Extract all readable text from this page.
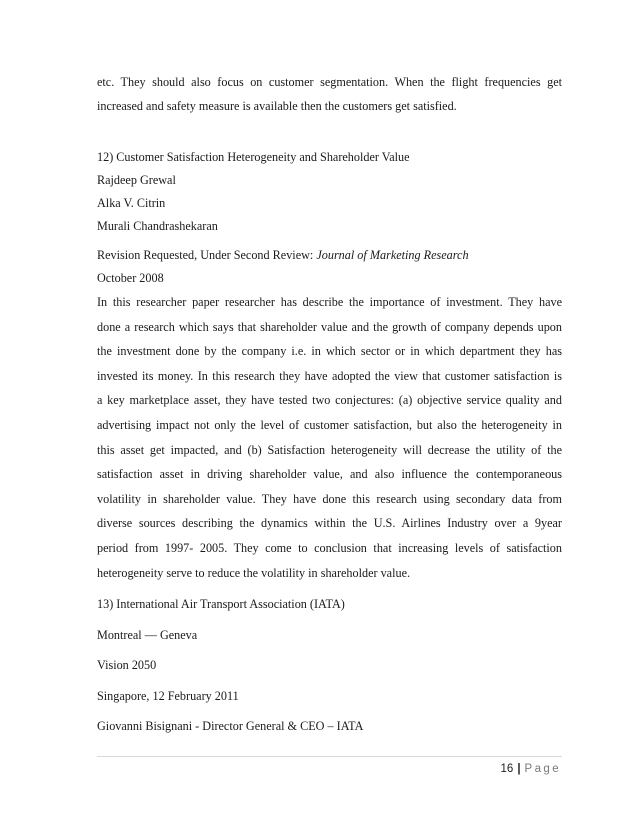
etc. They should also focus on customer segmentation. When the flight frequencies get

increased and safety measure is available then the customers get satisfied.

12) Customer Satisfaction Heterogeneity and Shareholder Value

Rajdeep Grewal

Alka V. Citrin

Murali Chandrashekaran

Revision Requested, Under Second Review: Journal of Marketing Research

October 2008

In this researcher paper researcher has describe the importance of investment. They have
done a research which says that shareholder value and the growth of company depends upon
the investment done by the company i.e. in which sector or in which department they has
invested its money. In this research they have adopted the view that customer satisfaction is
a key marketplace asset, they have tested two conjectures: (a) objective service quality and
advertising impact not only the level of customer satisfaction, but also the heterogeneity in
this asset get impacted, and (b) Satisfaction heterogeneity will decrease the utility of the
satisfaction asset in driving shareholder value, and also influence the contemporaneous
volatility in shareholder value. They have done this research using secondary data from
diverse sources describing the dynamics within the U.S. Airlines Industry over a 9year
period from 1997- 2005. They come to conclusion that increasing levels of satisfaction
heterogeneity serve to reduce the volatility in shareholder value.

13) International Air Transport Association (IATA)

Montreal — Geneva

Vision 2050

Singapore, 12 February 2011

Giovanni Bisignani - Director General & CEO – IATA

16 | Page
